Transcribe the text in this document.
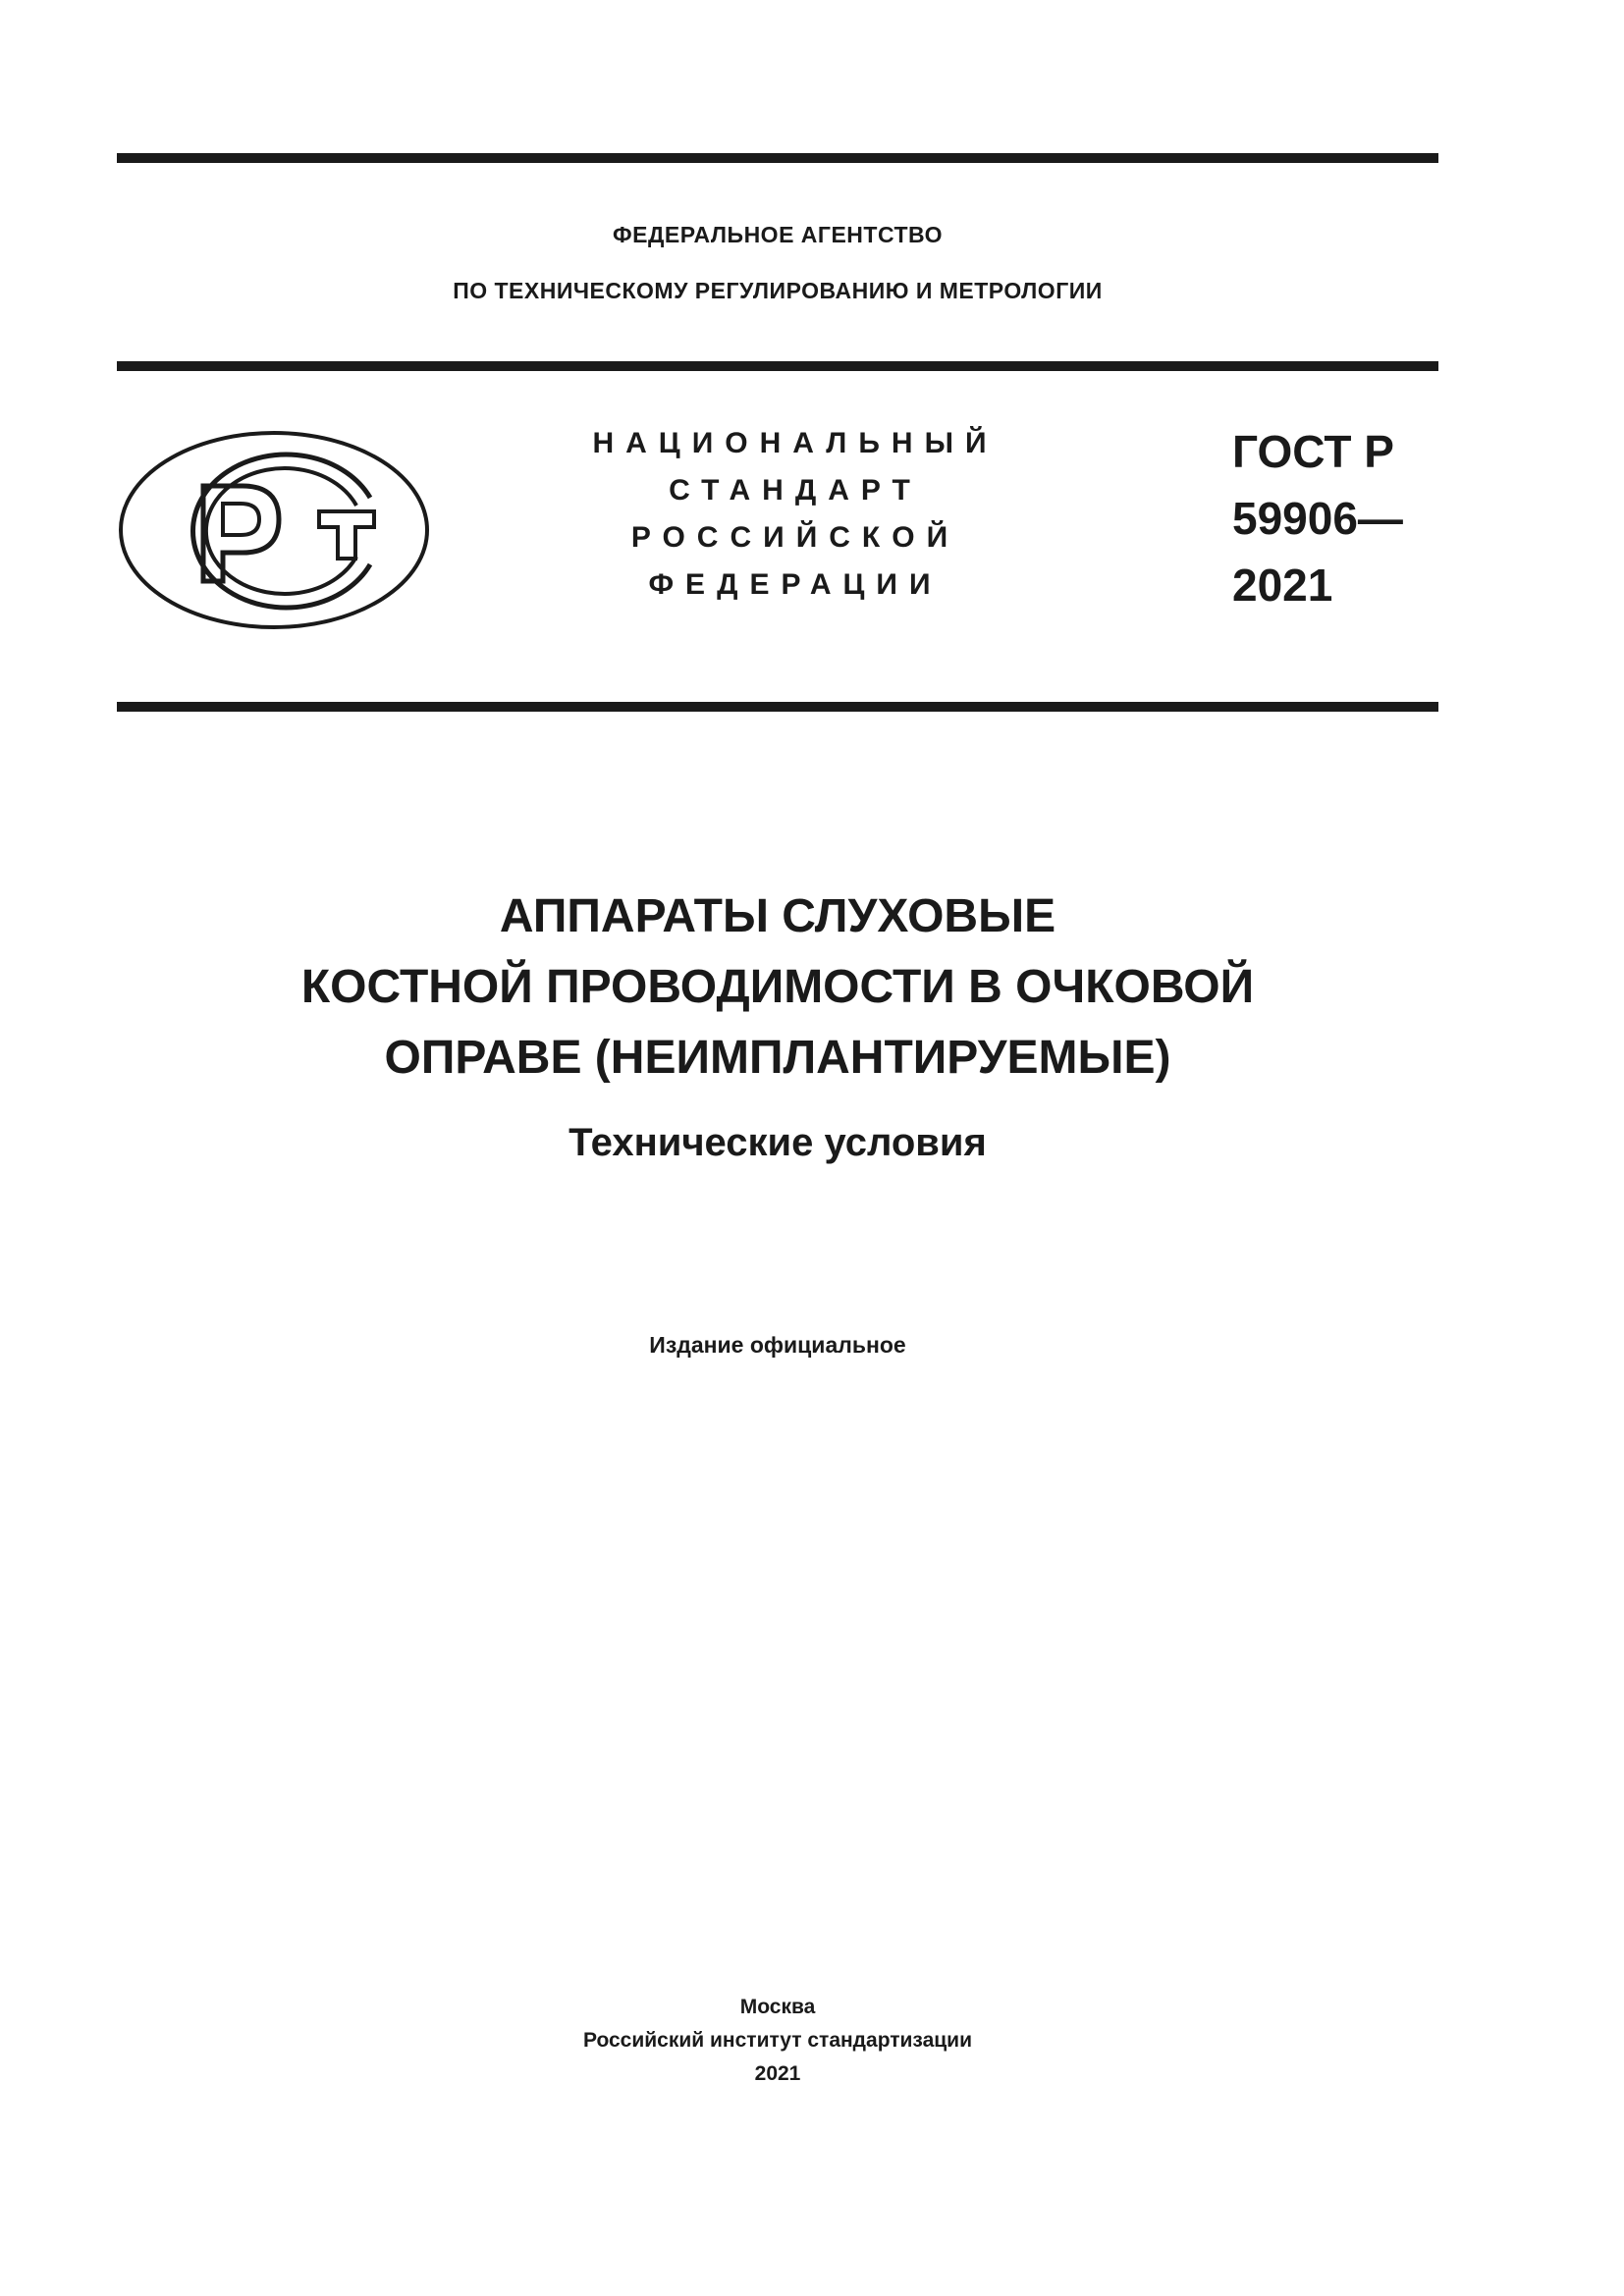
ФЕДЕРАЛЬНОЕ АГЕНТСТВО
ПО ТЕХНИЧЕСКОМУ РЕГУЛИРОВАНИЮ И МЕТРОЛОГИИ
НАЦИОНАЛЬНЫЙ
СТАНДАРТ
РОССИЙСКОЙ
ФЕДЕРАЦИИ
ГОСТ Р
59906—
2021
АППАРАТЫ СЛУХОВЫЕ
КОСТНОЙ ПРОВОДИМОСТИ В ОЧКОВОЙ
ОПРАВЕ (НЕИМПЛАНТИРУЕМЫЕ)
Технические условия
Издание официальное
Москва
Российский институт стандартизации
2021
